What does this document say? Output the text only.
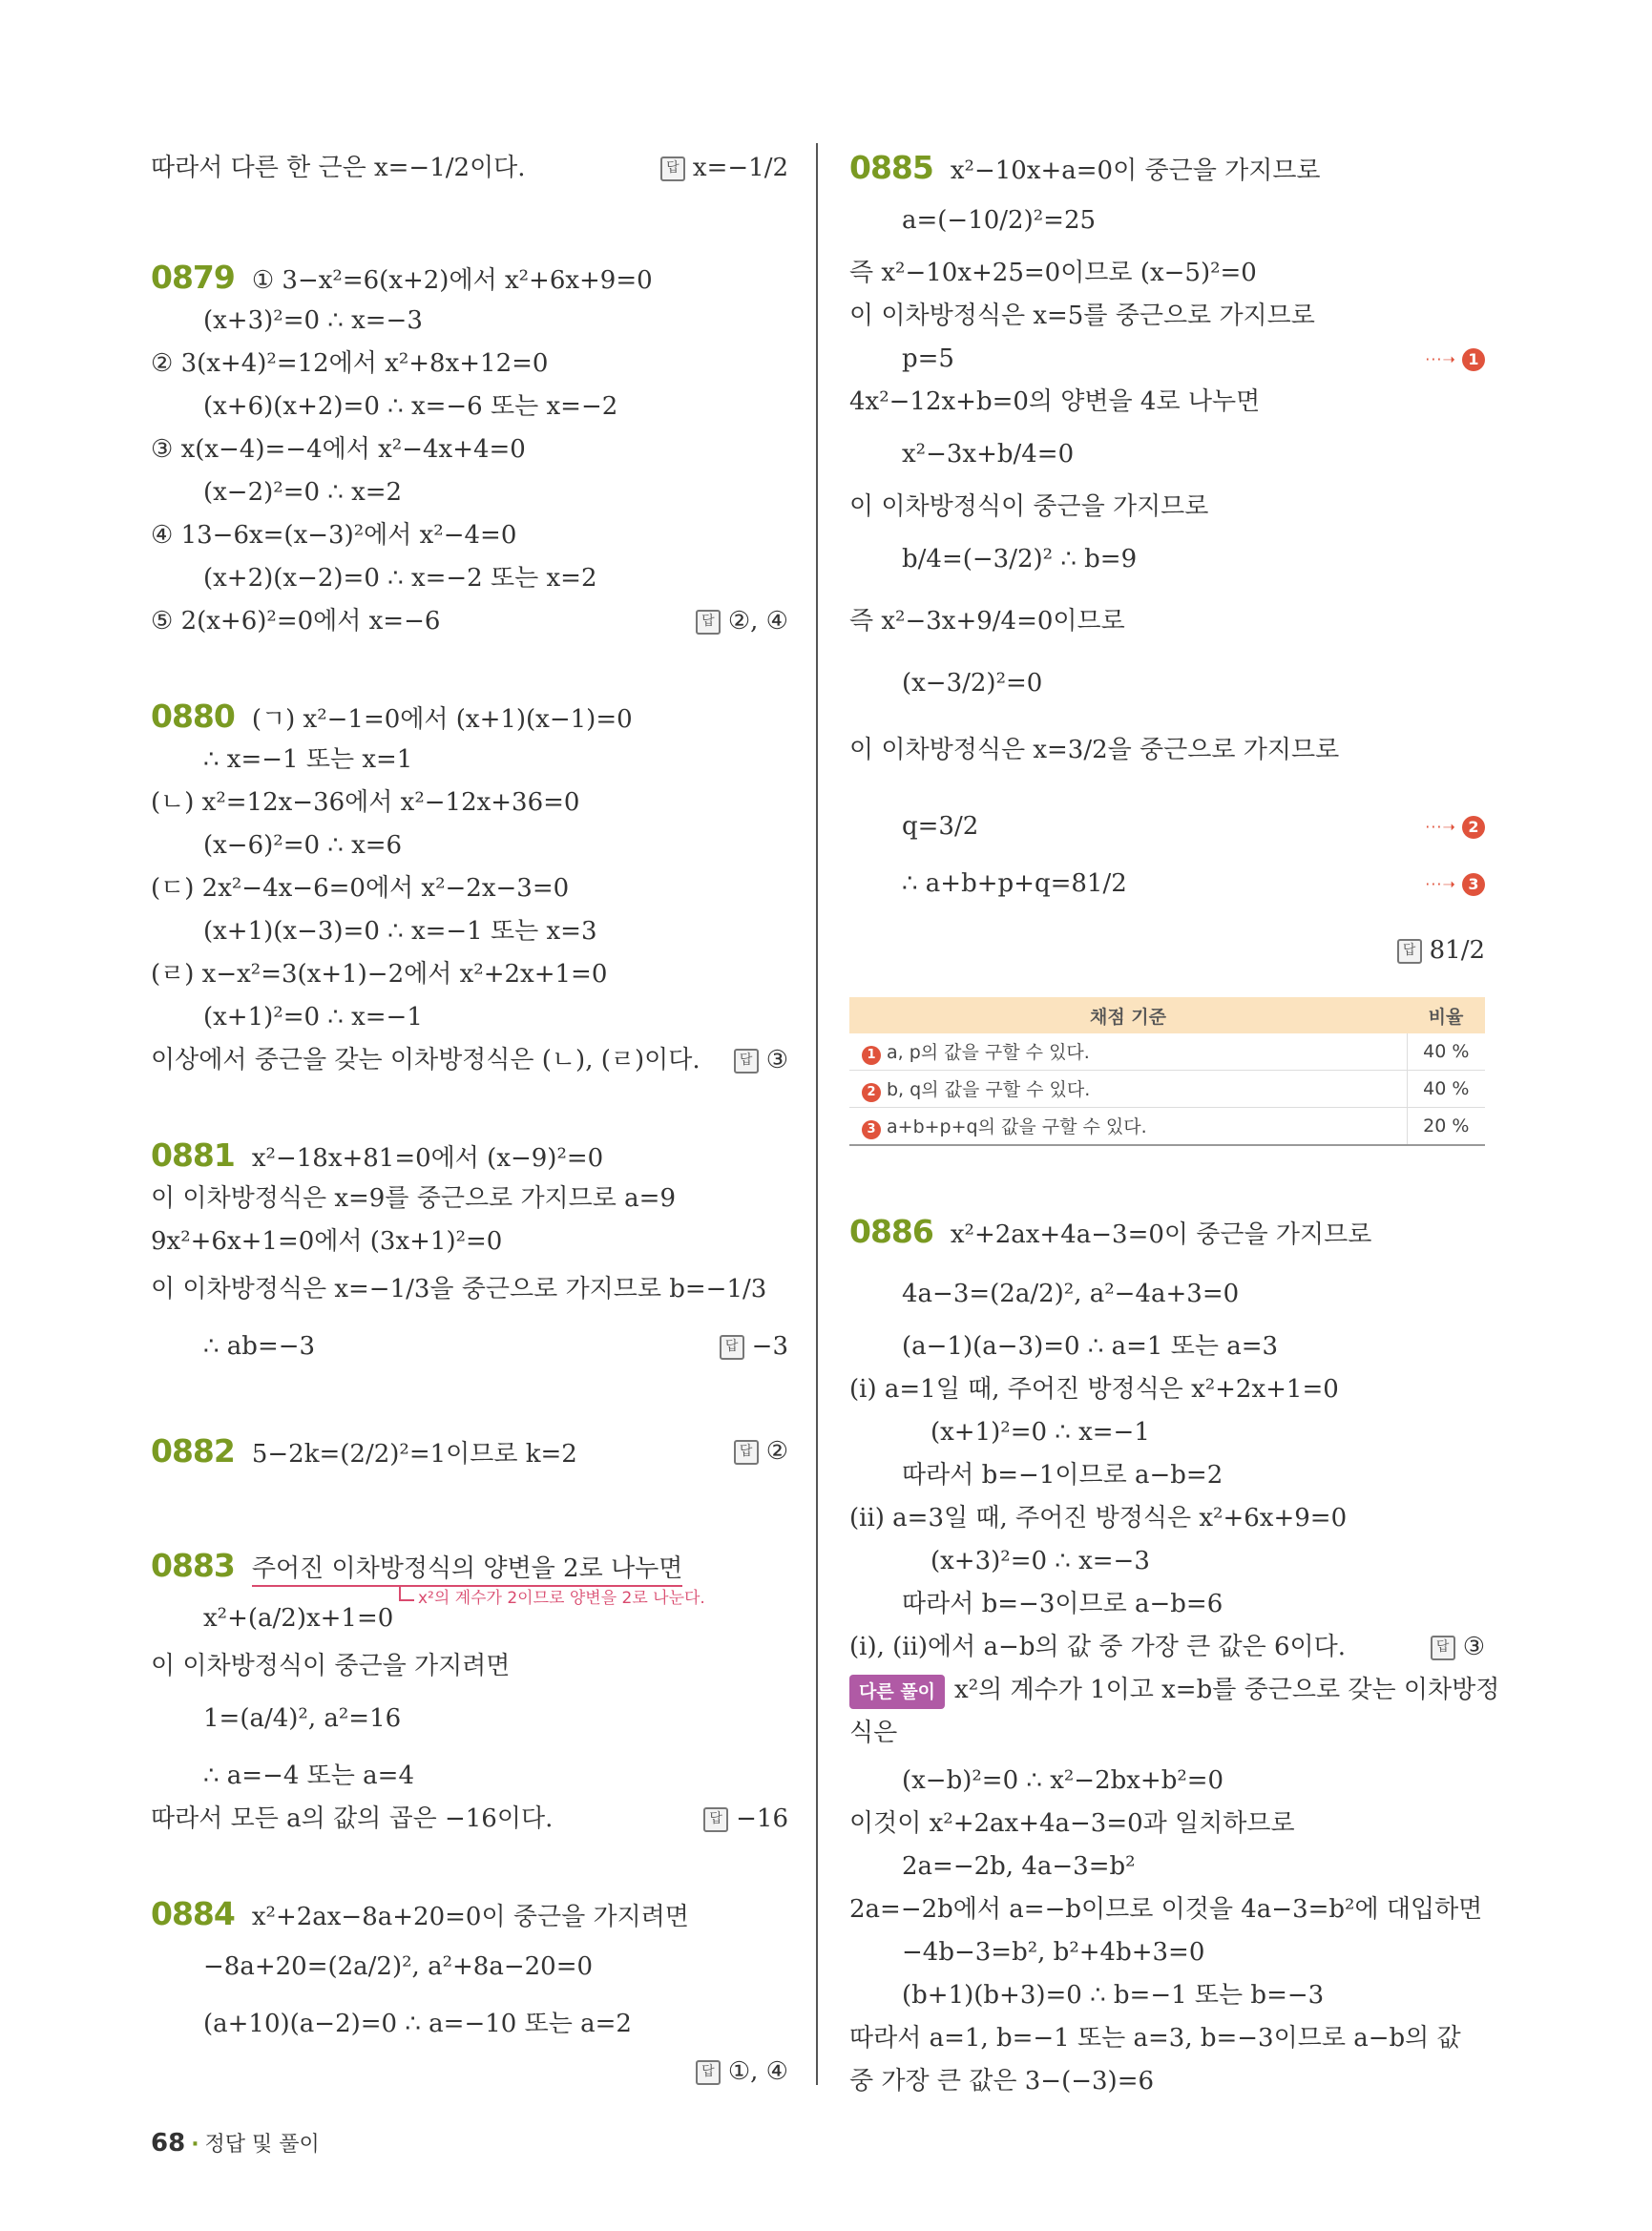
따라서 다른 한 근은 x=−1/2이다.	답 x=−1/2
0879 ① 3−x²=6(x+2)에서 x²+6x+9=0
(x+3)²=0 ∴ x=−3
② 3(x+4)²=12에서 x²+8x+12=0
(x+6)(x+2)=0 ∴ x=−6 또는 x=−2
③ x(x−4)=−4에서 x²−4x+4=0
(x−2)²=0 ∴ x=2
④ 13−6x=(x−3)²에서 x²−4=0
(x+2)(x−2)=0 ∴ x=−2 또는 x=2
⑤ 2(x+6)²=0에서 x=−6	답 ②, ④
0880 (ㄱ) x²−1=0에서 (x+1)(x−1)=0
∴ x=−1 또는 x=1
(ㄴ) x²=12x−36에서 x²−12x+36=0
(x−6)²=0 ∴ x=6
(ㄷ) 2x²−4x−6=0에서 x²−2x−3=0
(x+1)(x−3)=0 ∴ x=−1 또는 x=3
(ㄹ) x−x²=3(x+1)−2에서 x²+2x+1=0
(x+1)²=0 ∴ x=−1
이상에서 중근을 갖는 이차방정식은 (ㄴ), (ㄹ)이다.	답 ③
0881 x²−18x+81=0에서 (x−9)²=0
이 이차방정식은 x=9를 중근으로 가지므로 a=9
9x²+6x+1=0에서 (3x+1)²=0
이 이차방정식은 x=−1/3을 중근으로 가지므로 b=−1/3
∴ ab=−3	답 −3
0882 5−2k=(2/2)²=1이므로 k=2	답 ②
0883 주어진 이차방정식의 양변을 2로 나누면
x²+(a/2)x+1=0
이 이차방정식이 중근을 가지려면
1=(a/4)², a²=16
∴ a=−4 또는 a=4
따라서 모든 a의 값의 곱은 −16이다.	답 −16
0884 x²+2ax−8a+20=0이 중근을 가지려면
−8a+20=(2a/2)², a²+8a−20=0
(a+10)(a−2)=0 ∴ a=−10 또는 a=2
답 ①, ④
x²의 계수가 2이므로 양변을 2로 나눈다.
0885 x²−10x+a=0이 중근을 가지므로
a=(−10/2)²=25
즉 x²−10x+25=0이므로 (x−5)²=0
이 이차방정식은 x=5를 중근으로 가지므로
p=5	···➝ 1
4x²−12x+b=0의 양변을 4로 나누면
x²−3x+b/4=0
이 이차방정식이 중근을 가지므로
b/4=(−3/2)² ∴ b=9
즉 x²−3x+9/4=0이므로
(x−3/2)²=0
이 이차방정식은 x=3/2을 중근으로 가지므로
q=3/2	···➝ 2
∴ a+b+p+q=81/2	···➝ 3
답 81/2
0886 x²+2ax+4a−3=0이 중근을 가지므로
4a−3=(2a/2)², a²−4a+3=0
(a−1)(a−3)=0 ∴ a=1 또는 a=3
(i) a=1일 때, 주어진 방정식은 x²+2x+1=0
(x+1)²=0 ∴ x=−1
따라서 b=−1이므로 a−b=2
(ii) a=3일 때, 주어진 방정식은 x²+6x+9=0
(x+3)²=0 ∴ x=−3
따라서 b=−3이므로 a−b=6
(i), (ii)에서 a−b의 값 중 가장 큰 값은 6이다.	답 ③
다른 풀이 x²의 계수가 1이고 x=b를 중근으로 갖는 이차방정
식은
(x−b)²=0 ∴ x²−2bx+b²=0
이것이 x²+2ax+4a−3=0과 일치하므로
2a=−2b, 4a−3=b²
2a=−2b에서 a=−b이므로 이것을 4a−3=b²에 대입하면
−4b−3=b², b²+4b+3=0
(b+1)(b+3)=0 ∴ b=−1 또는 b=−3
따라서 a=1, b=−1 또는 a=3, b=−3이므로 a−b의 값
중 가장 큰 값은 3−(−3)=6
채점 기준	비율
1 a, p의 값을 구할 수 있다.	40 %
2 b, q의 값을 구할 수 있다.	40 %
3 a+b+p+q의 값을 구할 수 있다.	20 %
68 · 정답 및 풀이
